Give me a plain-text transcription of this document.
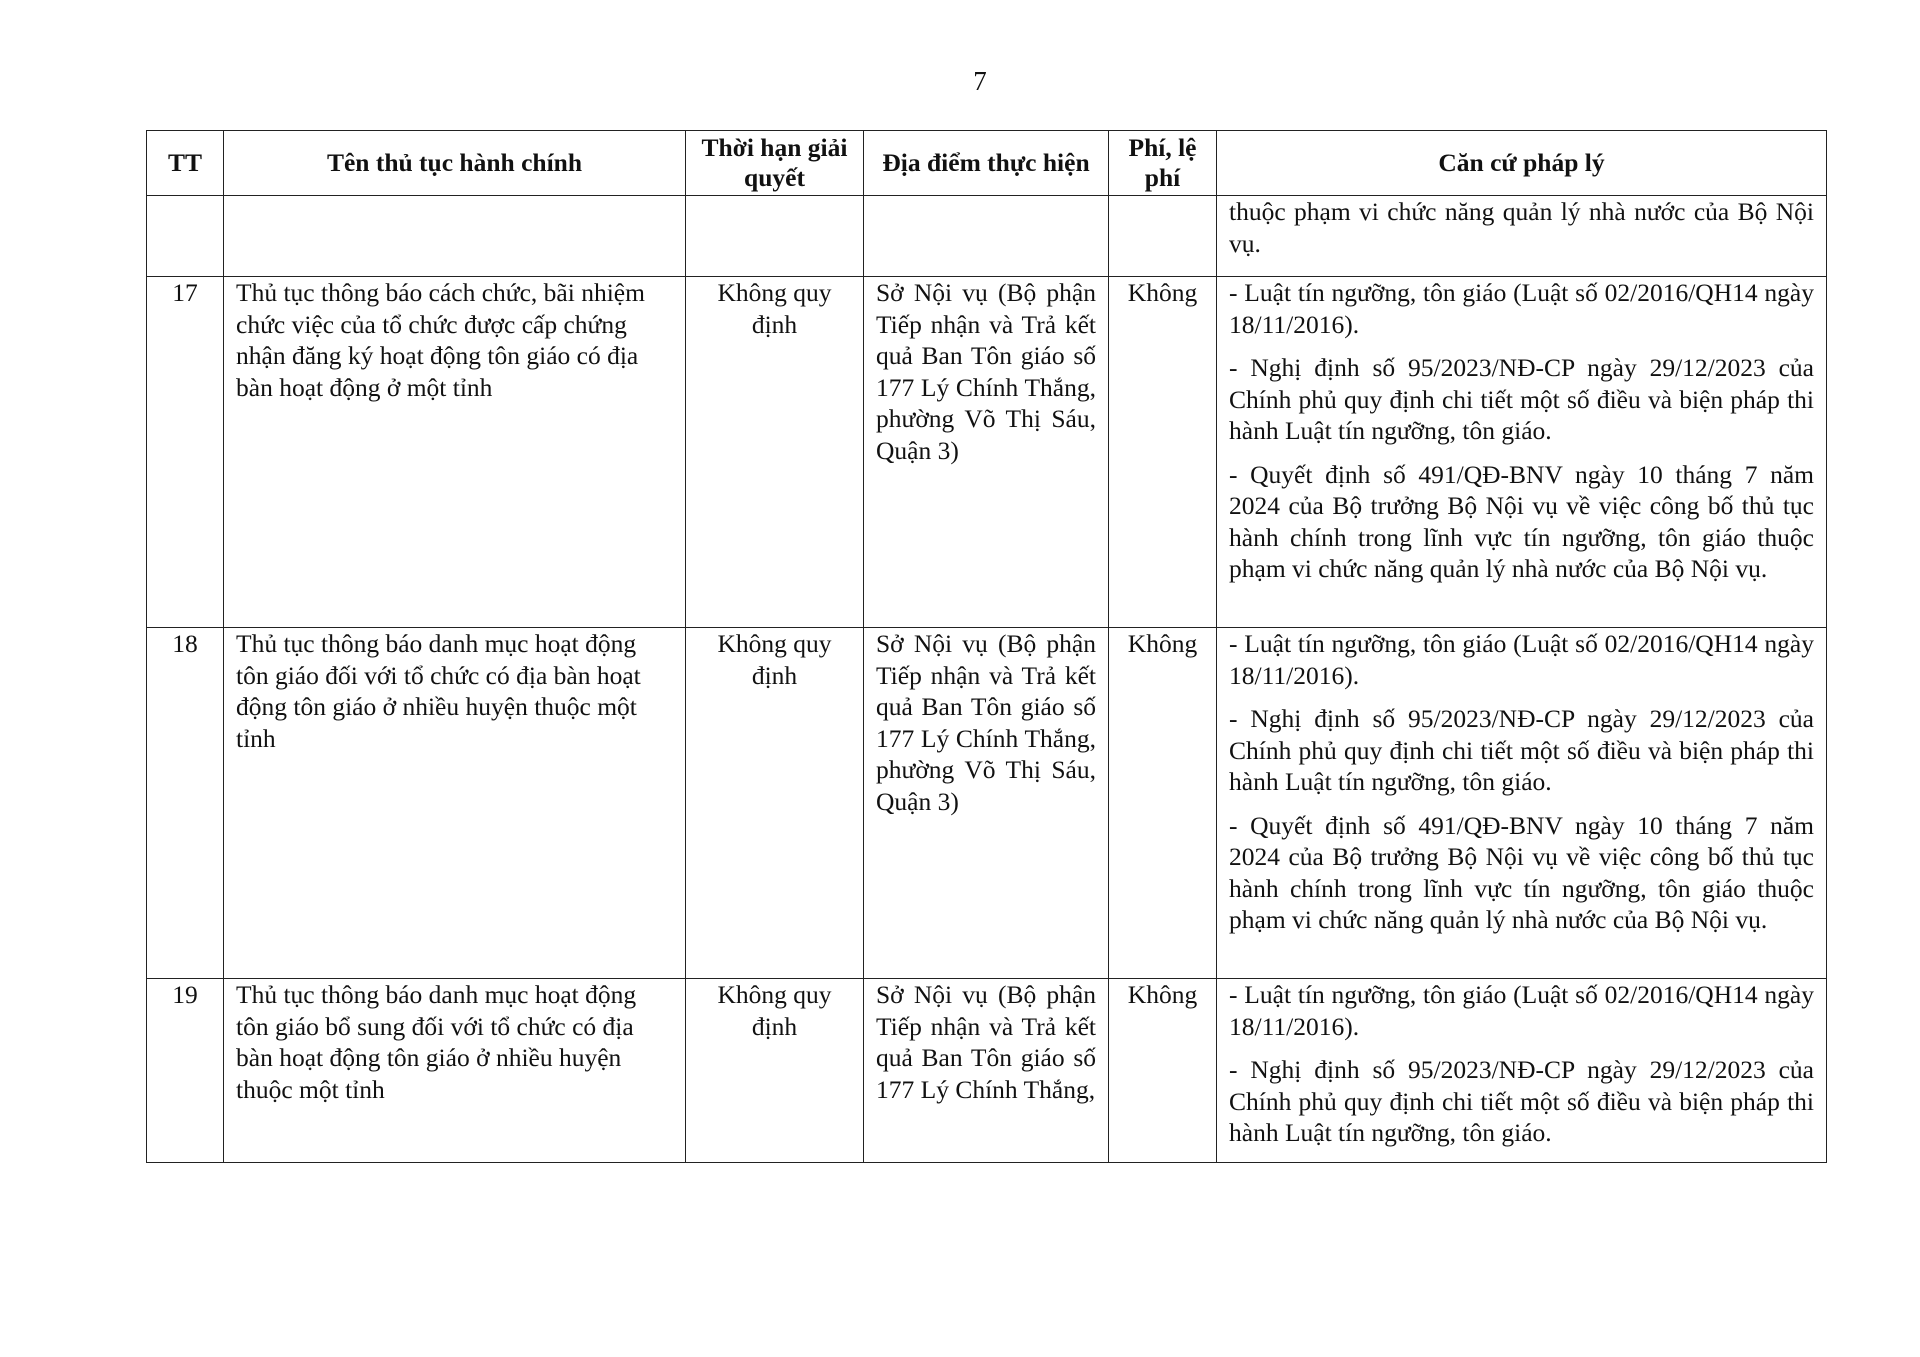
7
TT	Tên thủ tục hành chính	Thời hạn giải quyết	Địa điểm thực hiện	Phí, lệ phí	Căn cứ pháp lý
					thuộc phạm vi chức năng quản lý nhà nước của Bộ Nội vụ.
17	Thủ tục thông báo cách chức, bãi nhiệm chức việc của tổ chức được cấp chứng nhận đăng ký hoạt động tôn giáo có địa bàn hoạt động ở một tỉnh	Không quy định	Sở Nội vụ (Bộ phận Tiếp nhận và Trả kết quả Ban Tôn giáo số 177 Lý Chính Thắng, phường Võ Thị Sáu, Quận 3)	Không	- Luật tín ngưỡng, tôn giáo (Luật số 02/2016/QH14 ngày 18/11/2016).
- Nghị định số 95/2023/NĐ-CP ngày 29/12/2023 của Chính phủ quy định chi tiết một số điều và biện pháp thi hành Luật tín ngưỡng, tôn giáo.
- Quyết định số 491/QĐ-BNV ngày 10 tháng 7 năm 2024 của Bộ trưởng Bộ Nội vụ về việc công bố thủ tục hành chính trong lĩnh vực tín ngưỡng, tôn giáo thuộc phạm vi chức năng quản lý nhà nước của Bộ Nội vụ.

18	Thủ tục thông báo danh mục hoạt động tôn giáo đối với tổ chức có địa bàn hoạt động tôn giáo ở nhiều huyện thuộc một tỉnh	Không quy định	Sở Nội vụ (Bộ phận Tiếp nhận và Trả kết quả Ban Tôn giáo số 177 Lý Chính Thắng, phường Võ Thị Sáu, Quận 3)	Không	- Luật tín ngưỡng, tôn giáo (Luật số 02/2016/QH14 ngày 18/11/2016).
- Nghị định số 95/2023/NĐ-CP ngày 29/12/2023 của Chính phủ quy định chi tiết một số điều và biện pháp thi hành Luật tín ngưỡng, tôn giáo.
- Quyết định số 491/QĐ-BNV ngày 10 tháng 7 năm 2024 của Bộ trưởng Bộ Nội vụ về việc công bố thủ tục hành chính trong lĩnh vực tín ngưỡng, tôn giáo thuộc phạm vi chức năng quản lý nhà nước của Bộ Nội vụ.

19	Thủ tục thông báo danh mục hoạt động tôn giáo bổ sung đối với tổ chức có địa bàn hoạt động tôn giáo ở nhiều huyện thuộc một tỉnh	Không quy định	Sở Nội vụ (Bộ phận Tiếp nhận và Trả kết quả Ban Tôn giáo số 177 Lý Chính Thắng,	Không	- Luật tín ngưỡng, tôn giáo (Luật số 02/2016/QH14 ngày 18/11/2016).
- Nghị định số 95/2023/NĐ-CP ngày 29/12/2023 của Chính phủ quy định chi tiết một số điều và biện pháp thi hành Luật tín ngưỡng, tôn giáo.
